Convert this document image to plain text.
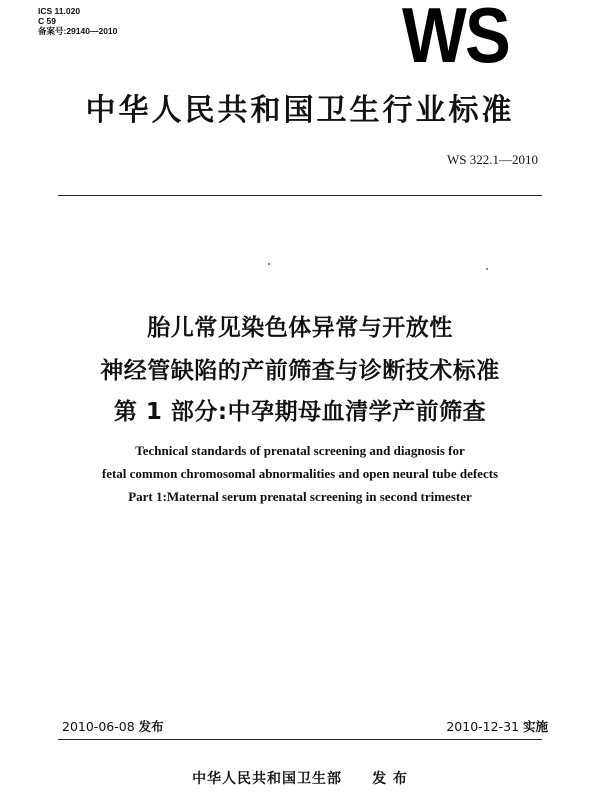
ICS 11.020
C 59
备案号:29140—2010	WS
中华人民共和国卫生行业标准
WS 322.1—2010
胎儿常见染色体异常与开放性
神经管缺陷的产前筛查与诊断技术标准
第 1 部分:中孕期母血清学产前筛查
Technical standards of prenatal screening and diagnosis for
fetal common chromosomal abnormalities and open neural tube defects
Part 1:Maternal serum prenatal screening in second trimester
2010-06-08 发布	2010-12-31 实施
中华人民共和国卫生部 发 布
